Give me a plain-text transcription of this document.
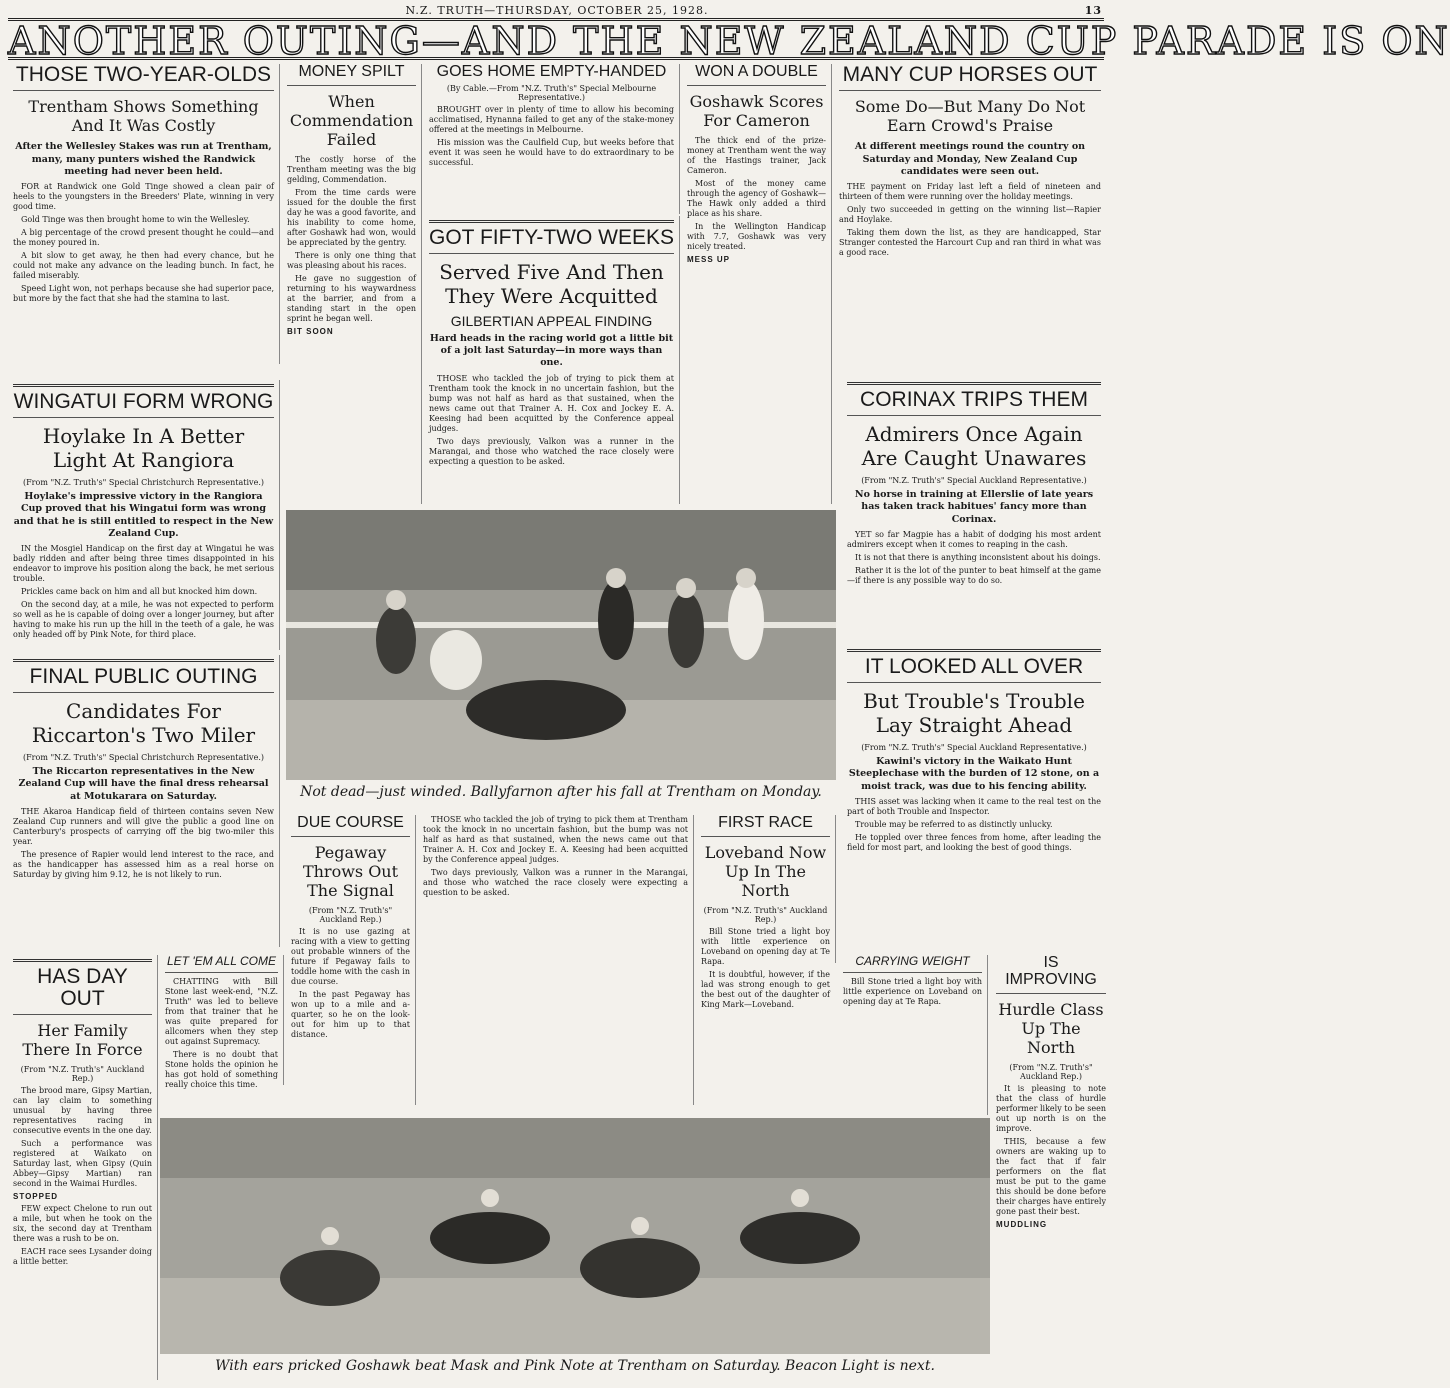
N.Z. TRUTH—THURSDAY, OCTOBER 25, 1928.	13
ANOTHER OUTING—AND THE NEW ZEALAND CUP PARADE IS ON
THOSE TWO-YEAR-OLDS
Trentham Shows Something And It Was Costly
After the Wellesley Stakes was run at Trentham, many, many punters wished the Randwick meeting had never been held.

FOR at Randwick one Gold Tinge showed a clean pair of heels to the youngsters in the Breeders' Plate, winning in very good time.

Gold Tinge was then brought home to win the Wellesley.

A big percentage of the crowd present thought he could—and the money poured in.

A bit slow to get away, he then had every chance, but he could not make any advance on the leading bunch. In fact, he failed miserably.

Speed Light won, not perhaps because she had superior pace, but more by the fact that she had the stamina to last.

MONEY SPILT
When Commendation Failed

The costly horse of the Trentham meeting was the big gelding, Commendation.

From the time cards were issued for the double the first day he was a good favorite, and his inability to come home, after Goshawk had won, would be appreciated by the gentry.

There is only one thing that was pleasing about his races.

He gave no suggestion of returning to his waywardness at the barrier, and from a standing start in the open sprint he began well.

BIT SOON
GOES HOME EMPTY-HANDED
(By Cable.—From "N.Z. Truth's" Special Melbourne Representative.)

BROUGHT over in plenty of time to allow his becoming acclimatised, Hynanna failed to get any of the stake-money offered at the meetings in Melbourne.

His mission was the Caulfield Cup, but weeks before that event it was seen he would have to do extraordinary to be successful.

GOT FIFTY-TWO WEEKS
Served Five And Then They Were Acquitted
GILBERTIAN APPEAL FINDING
Hard heads in the racing world got a little bit of a jolt last Saturday—in more ways than one.

THOSE who tackled the job of trying to pick them at Trentham took the knock in no uncertain fashion, but the bump was not half as hard as that sustained, when the news came out that Trainer A. H. Cox and Jockey E. A. Keesing had been acquitted by the Conference appeal judges.

Two days previously, Valkon was a runner in the Marangai, and those who watched the race closely were expecting a question to be asked.

WON A DOUBLE
Goshawk Scores For Cameron

The thick end of the prize-money at Trentham went the way of the Hastings trainer, Jack Cameron.

Most of the money came through the agency of Goshawk—The Hawk only added a third place as his share.

In the Wellington Handicap with 7.7, Goshawk was very nicely treated.

MESS UP
MANY CUP HORSES OUT
Some Do—But Many Do Not Earn Crowd's Praise
At different meetings round the country on Saturday and Monday, New Zealand Cup candidates were seen out.

THE payment on Friday last left a field of nineteen and thirteen of them were running over the holiday meetings.

Only two succeeded in getting on the winning list—Rapier and Hoylake.

Taking them down the list, as they are handicapped, Star Stranger contested the Harcourt Cup and ran third in what was a good race.

WINGATUI FORM WRONG
Hoylake In A Better Light At Rangiora
(From "N.Z. Truth's" Special Christchurch Representative.)
Hoylake's impressive victory in the Rangiora Cup proved that his Wingatui form was wrong and that he is still entitled to respect in the New Zealand Cup.

IN the Mosgiel Handicap on the first day at Wingatui he was badly ridden and after being three times disappointed in his endeavor to improve his position along the back, he met serious trouble.

Prickles came back on him and all but knocked him down.

On the second day, at a mile, he was not expected to perform so well as he is capable of doing over a longer journey, but after having to make his run up the hill in the teeth of a gale, he was only headed off by Pink Note, for third place.

CORINAX TRIPS THEM
Admirers Once Again Are Caught Unawares
(From "N.Z. Truth's" Special Auckland Representative.)
No horse in training at Ellerslie of late years has taken track habitues' fancy more than Corinax.

YET so far Magpie has a habit of dodging his most ardent admirers except when it comes to reaping in the cash.

It is not that there is anything inconsistent about his doings.

Rather it is the lot of the punter to beat himself at the game—if there is any possible way to do so.

Not dead—just winded. Ballyfarnon after his fall at Trentham on Monday.
FINAL PUBLIC OUTING
Candidates For Riccarton's Two Miler
(From "N.Z. Truth's" Special Christchurch Representative.)
The Riccarton representatives in the New Zealand Cup will have the final dress rehearsal at Motukarara on Saturday.

THE Akaroa Handicap field of thirteen contains seven New Zealand Cup runners and will give the public a good line on Canterbury's prospects of carrying off the big two-miler this year.

The presence of Rapier would lend interest to the race, and as the handicapper has assessed him as a real horse on Saturday by giving him 9.12, he is not likely to run.

IT LOOKED ALL OVER
But Trouble's Trouble Lay Straight Ahead
(From "N.Z. Truth's" Special Auckland Representative.)
Kawini's victory in the Waikato Hunt Steeplechase with the burden of 12 stone, on a moist track, was due to his fencing ability.

THIS asset was lacking when it came to the real test on the part of both Trouble and Inspector.

Trouble may be referred to as distinctly unlucky.

He toppled over three fences from home, after leading the field for most part, and looking the best of good things.

DUE COURSE
Pegaway Throws Out The Signal
(From "N.Z. Truth's" Auckland Rep.)

It is no use gazing at racing with a view to getting out probable winners of the future if Pegaway fails to toddle home with the cash in due course.

In the past Pegaway has won up to a mile and a-quarter, so he on the look-out for him up to that distance.

THOSE who tackled the job of trying to pick them at Trentham took the knock in no uncertain fashion, but the bump was not half as hard as that sustained, when the news came out that Trainer A. H. Cox and Jockey E. A. Keesing had been acquitted by the Conference appeal judges.

Two days previously, Valkon was a runner in the Marangai, and those who watched the race closely were expecting a question to be asked.

FIRST RACE
Loveband Now Up In The North
(From "N.Z. Truth's" Auckland Rep.)

Bill Stone tried a light boy with little experience on Loveband on opening day at Te Rapa.

It is doubtful, however, if the lad was strong enough to get the best out of the daughter of King Mark—Loveband.

CARRYING WEIGHT

Bill Stone tried a light boy with little experience on Loveband on opening day at Te Rapa.

IS IMPROVING
Hurdle Class Up The North
(From "N.Z. Truth's" Auckland Rep.)

It is pleasing to note that the class of hurdle performer likely to be seen out up north is on the improve.

THIS, because a few owners are waking up to the fact that if fair performers on the flat must be put to the game this should be done before their charges have entirely gone past their best.

MUDDLING
HAS DAY OUT
Her Family There In Force
(From "N.Z. Truth's" Auckland Rep.)

The brood mare, Gipsy Martian, can lay claim to something unusual by having three representatives racing in consecutive events in the one day.

Such a performance was registered at Waikato on Saturday last, when Gipsy (Quin Abbey—Gipsy Martian) ran second in the Waimai Hurdles.

STOPPED

FEW expect Chelone to run out a mile, but when he took on the six, the second day at Trentham there was a rush to be on.

EACH race sees Lysander doing a little better.

LET 'EM ALL COME

CHATTING with Bill Stone last week-end, "N.Z. Truth" was led to believe from that trainer that he was quite prepared for allcomers when they step out against Supremacy.

There is no doubt that Stone holds the opinion he has got hold of something really choice this time.

With ears pricked Goshawk beat Mask and Pink Note at Trentham on Saturday. Beacon Light is next.
